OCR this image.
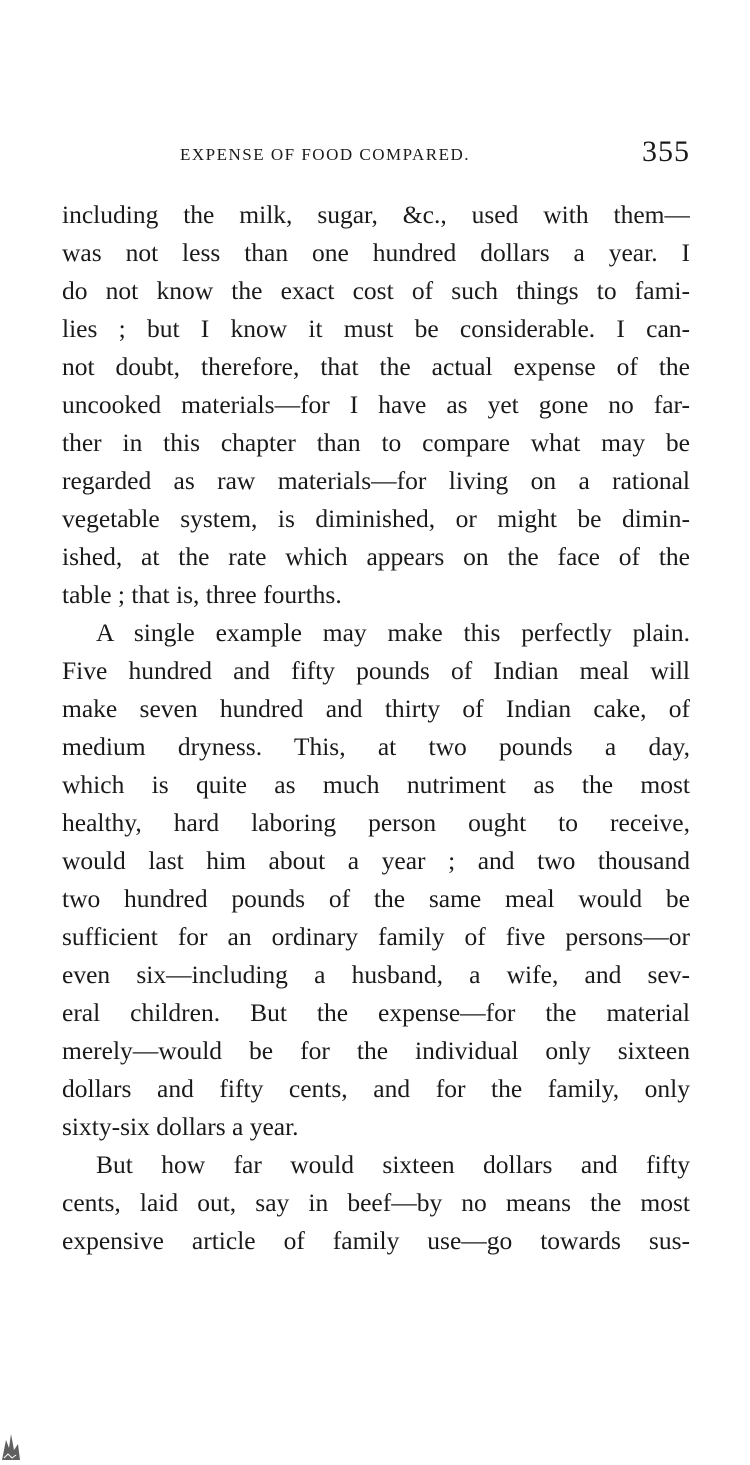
EXPENSE OF FOOD COMPARED.	355
including the milk, sugar, &c., used with them—
was not less than one hundred dollars a year. I
do not know the exact cost of such things to fami-
lies ; but I know it must be considerable. I can-
not doubt, therefore, that the actual expense of the
uncooked materials—for I have as yet gone no far-
ther in this chapter than to compare what may be
regarded as raw materials—for living on a rational
vegetable system, is diminished, or might be dimin-
ished, at the rate which appears on the face of the
table ; that is, three fourths.
A single example may make this perfectly plain.
Five hundred and fifty pounds of Indian meal will
make seven hundred and thirty of Indian cake, of
medium dryness. This, at two pounds a day,
which is quite as much nutriment as the most
healthy, hard laboring person ought to receive,
would last him about a year ; and two thousand
two hundred pounds of the same meal would be
sufficient for an ordinary family of five persons—or
even six—including a husband, a wife, and sev-
eral children. But the expense—for the material
merely—would be for the individual only sixteen
dollars and fifty cents, and for the family, only
sixty-six dollars a year.
But how far would sixteen dollars and fifty
cents, laid out, say in beef—by no means the most
expensive article of family use—go towards sus-
